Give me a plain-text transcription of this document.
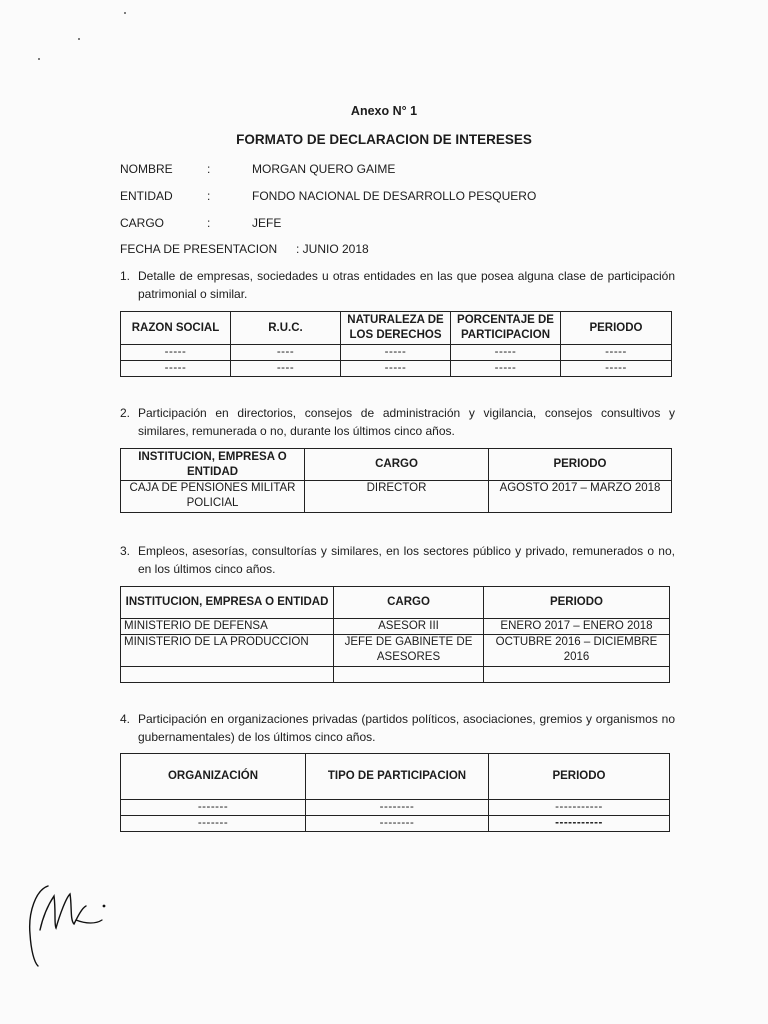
Anexo N° 1
FORMATO DE DECLARACION DE INTERESES
NOMBRE	:	MORGAN QUERO GAIME
ENTIDAD	:	FONDO NACIONAL DE DESARROLLO PESQUERO
CARGO	:	JEFE
FECHA DE PRESENTACION : JUNIO 2018
1. Detalle de empresas, sociedades u otras entidades en las que posea alguna clase de participación patrimonial o similar.
RAZON SOCIAL	R.U.C.	NATURALEZA DE LOS DERECHOS	PORCENTAJE DE PARTICIPACION	PERIODO
-----	----	-----	-----	-----
-----	----	-----	-----	-----
2. Participación en directorios, consejos de administración y vigilancia, consejos consultivos y similares, remunerada o no, durante los últimos cinco años.
INSTITUCION, EMPRESA O ENTIDAD	CARGO	PERIODO
CAJA DE PENSIONES MILITAR POLICIAL	DIRECTOR	AGOSTO 2017 – MARZO 2018
3. Empleos, asesorías, consultorías y similares, en los sectores público y privado, remunerados o no, en los últimos cinco años.
INSTITUCION, EMPRESA O ENTIDAD	CARGO	PERIODO
MINISTERIO DE DEFENSA	ASESOR III	ENERO 2017 – ENERO 2018
MINISTERIO DE LA PRODUCCION	JEFE DE GABINETE DE ASESORES	OCTUBRE 2016 – DICIEMBRE 2016

4. Participación en organizaciones privadas (partidos políticos, asociaciones, gremios y organismos no gubernamentales) de los últimos cinco años.
ORGANIZACIÓN	TIPO DE PARTICIPACION	PERIODO
-------	--------	-----------
-------	--------	-----------
